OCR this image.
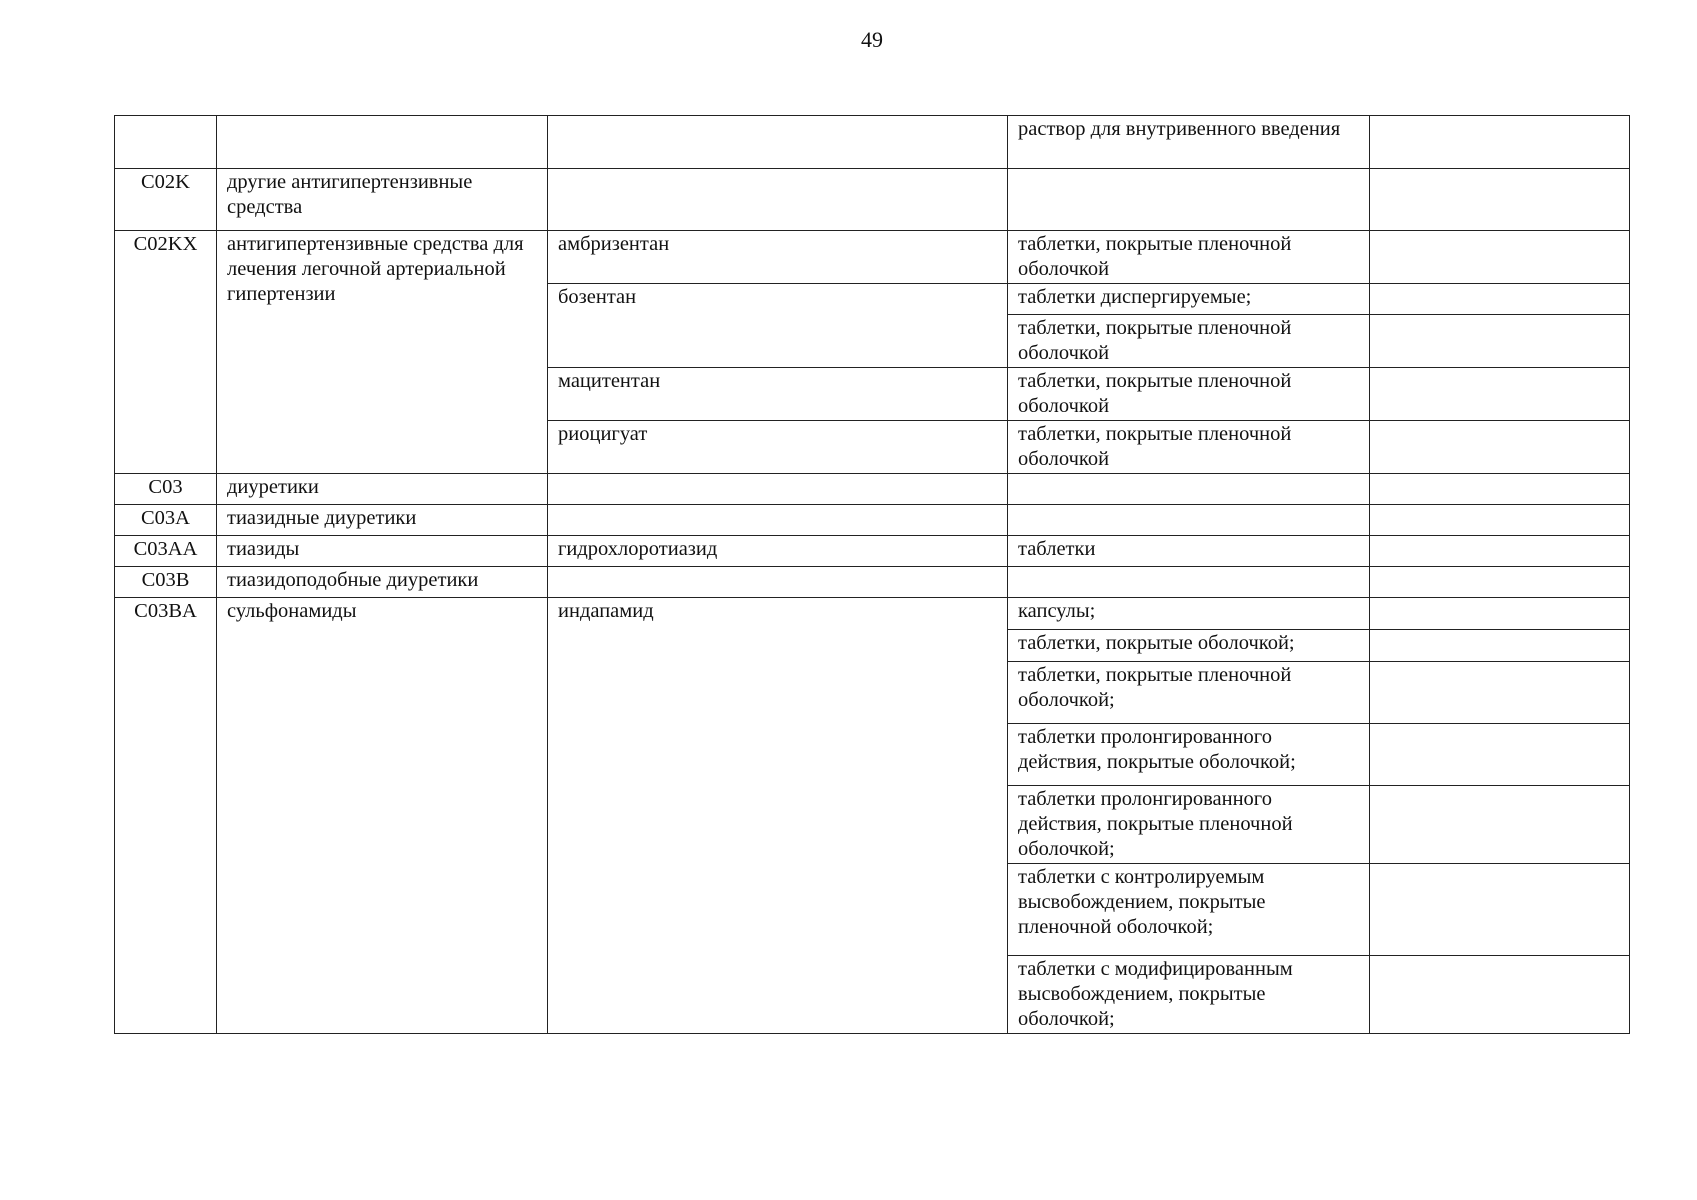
49
			раствор для внутривенного введения	
C02K	другие антигипертензивные средства			
C02KX	антигипертензивные средства для лечения легочной артериальной гипертензии	амбризентан	таблетки, покрытые пленочной оболочкой	
		бозентан	таблетки диспергируемые;	
			таблетки, покрытые пленочной оболочкой	
		мацитентан	таблетки, покрытые пленочной оболочкой	
		риоцигуат	таблетки, покрытые пленочной оболочкой	
C03	диуретики			
C03A	тиазидные диуретики			
C03AA	тиазиды	гидрохлоротиазид	таблетки	
C03B	тиазидоподобные диуретики			
C03BA	сульфонамиды	индапамид	капсулы;	
			таблетки, покрытые оболочкой;	
			таблетки, покрытые пленочной оболочкой;	
			таблетки пролонгированного действия, покрытые оболочкой;	
			таблетки пролонгированного действия, покрытые пленочной оболочкой;	
			таблетки с контролируемым высвобождением, покрытые пленочной оболочкой;	
			таблетки с модифицированным высвобождением, покрытые оболочкой;	
